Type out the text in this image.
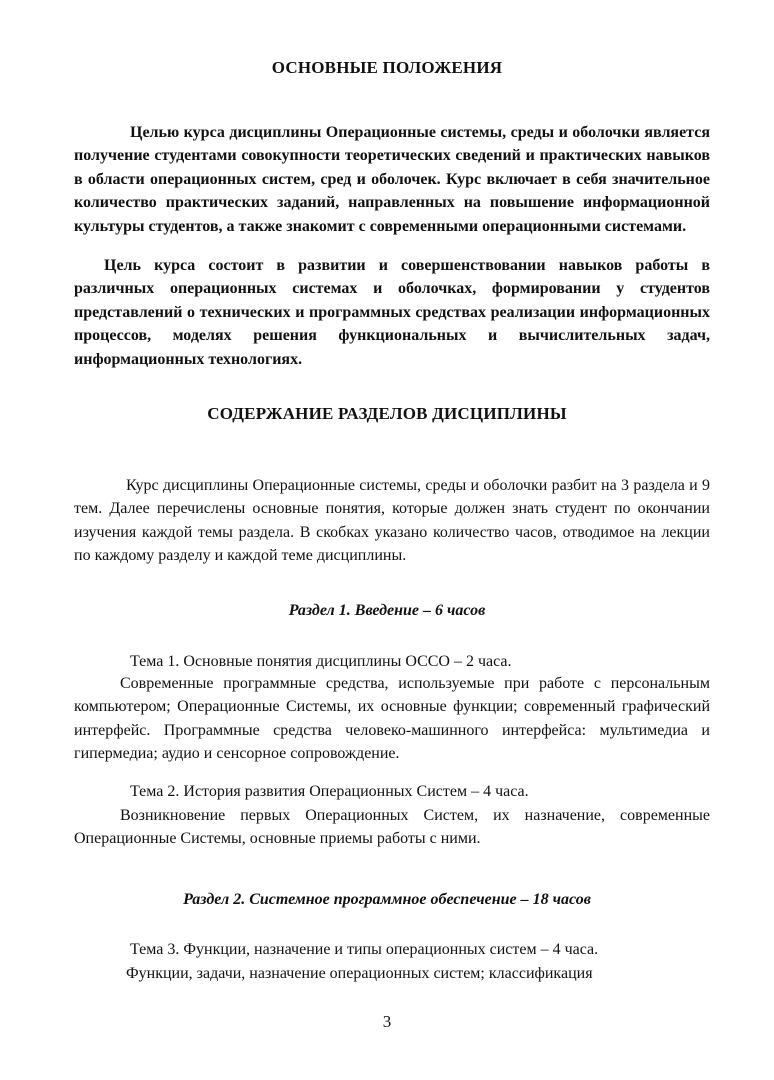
ОСНОВНЫЕ ПОЛОЖЕНИЯ

Целью курса дисциплины Операционные системы, среды и оболочки является получение студентами совокупности теоретических сведений и практических навыков в области операционных систем, сред и оболочек. Курс включает в себя значительное количество практических заданий, направленных на повышение информационной культуры студентов, а также знакомит с современными операционными системами.

Цель курса состоит в развитии и совершенствовании навыков работы в различных операционных системах и оболочках, формировании у студентов представлений о технических и программных средствах реализации информационных процессов, моделях решения функциональных и вычислительных задач, информационных технологиях.

СОДЕРЖАНИЕ РАЗДЕЛОВ ДИСЦИПЛИНЫ

Курс дисциплины Операционные системы, среды и оболочки разбит на 3 раздела и 9 тем. Далее перечислены основные понятия, которые должен знать студент по окончании изучения каждой темы раздела. В скобках указано количество часов, отводимое на лекции по каждому разделу и каждой теме дисциплины.

Раздел 1. Введение – 6 часов

Тема 1. Основные понятия дисциплины ОССО – 2 часа.

Современные программные средства, используемые при работе с персональным компьютером; Операционные Системы, их основные функции; современный графический интерфейс. Программные средства человеко-машинного интерфейса: мультимедиа и гипермедиа; аудио и сенсорное сопровождение.

Тема 2. История развития Операционных Систем – 4 часа.

Возникновение первых Операционных Систем, их назначение, современные Операционные Системы, основные приемы работы с ними.

Раздел 2. Системное программное обеспечение – 18 часов

Тема 3. Функции, назначение и типы операционных систем – 4 часа.

Функции, задачи, назначение операционных систем; классификация

3
